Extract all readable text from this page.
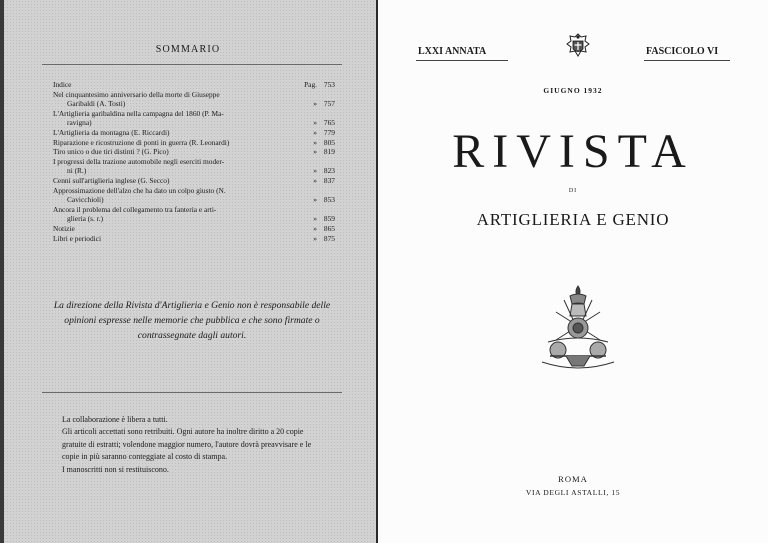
SOMMARIO
Indice	Pag. 753
Nel cinquantesimo anniversario della morte di Giuseppe
Garibaldi (A. Tosti)	» 757
L'Artiglieria garibaldina nella campagna del 1860 (P. Ma-
ravigna)	» 765
L'Artiglieria da montagna (E. Riccardi)	» 779
Riparazione e ricostruzione di ponti in guerra (R. Leonardi)	» 805
Tiro unico o due tiri distinti ? (G. Pico)	» 819
I progressi della trazione automobile negli eserciti moder-
ni (R.)	» 823
Cenni sull'artiglieria inglese (G. Secco)	» 837
Approssimazione dell'alzo che ha dato un colpo giusto (N.
Cavicchioli)	» 853
Ancora il problema del collegamento tra fanteria e arti-
glieria (s. r.)	» 859
Notizie	» 865
Libri e periodici	» 875
La direzione della Rivista d'Artiglieria e Genio non è responsabile delle opinioni espresse nelle memorie che pubblica e che sono firmate o contrassegnate dagli autori.

La collaborazione è libera a tutti.

Gli articoli accettati sono retribuiti. Ogni autore ha inoltre diritto a 20 copie gratuite di estratti; volendone maggior numero, l'autore dovrà preavvisare e le copie in più saranno conteggiate al costo di stampa.

I manoscritti non si restituiscono.

LXXI ANNATA	FASCICOLO VI
GIUGNO 1932
RIVISTA
DI
ARTIGLIERIA E GENIO
ROMA
VIA DEGLI ASTALLI, 15
